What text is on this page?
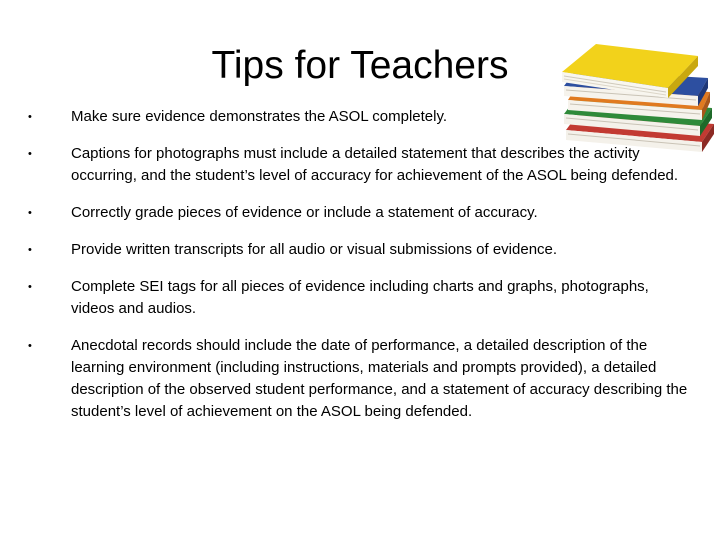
Tips for Teachers
•	Make sure evidence demonstrates the ASOL completely.
•	Captions for photographs must include a detailed statement that describes the activity occurring, and the student’s level of accuracy for achievement of the ASOL being defended.
•	Correctly grade pieces of evidence or include a statement of accuracy.
•	Provide written transcripts for all audio or visual submissions of evidence.
•	Complete SEI tags for all pieces of evidence including charts and graphs, photographs, videos and audios.
•	Anecdotal records should include the date of performance, a detailed description of the learning environment (including instructions, materials and prompts provided), a detailed description of the observed student performance, and a statement of accuracy describing the student’s level of achievement on the ASOL being defended.
